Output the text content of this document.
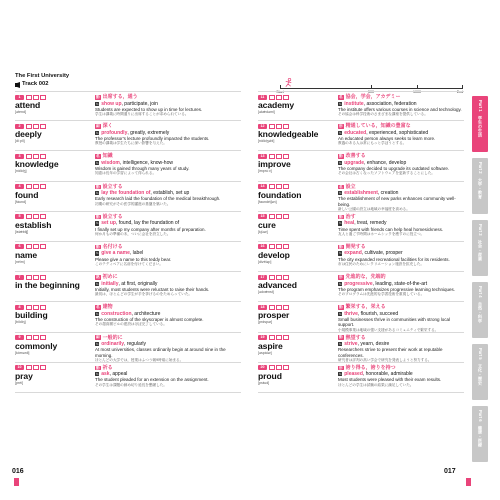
The First University
Track 002
1
attend
[ətend]
動 出席する，通う
≒ show up, participate, join
Students are expected to show up in time for lectures.
学生は講義に時間通りに出席することが求められている。
2
deeply
[díːpli]
副 深く
≒ profoundly, greatly, extremely
The professor's lecture profoundly impacted the students.
教授の講義は学生たちに深い影響を与えた。
3
knowledge
[nɑ́lidʒ]
名 知識
≒ wisdom, intelligence, know-how
Wisdom is gained through many years of study.
知恵は長年の学習によって得られる。
4
found
[fáund]
動 設立する
≒ lay the foundation of, establish, set up
Early research laid the foundation of the medical breakthrough.
初期の研究がその医学的躍進の基盤を築いた。
5
establish
[istǽbliʃ]
動 設立する
≒ set up, found, lay the foundation of
I finally set up my company after months of preparation.
何か月もの準備の末，ついに会社を設立した。
6
name
[néim]
動 名付ける
≒ give a name, label
Please give a name to this teddy bear.
このテディベアに名前を付けてください。
7
in the beginning
熟 初めに
≒ initially, at first, originally
Initially, most students were reluctant to raise their hands.
最初は，ほとんどの学生が手を挙げるのをためらっていた。
8
building
[bíldiŋ]
名 建物
≒ construction, architecture
The construction of the skyscraper is almost complete.
その超高層ビルの建設はほぼ完了している。
9
commonly
[kɑ́mənli]
副 一般的に
≒ ordinarily, regularly
At most universities, classes ordinarily begin at around nine in the morning.
ほとんどの大学では，授業はふつう朝9時頃に始まる。
10
pray
[préi]
動 祈る
≒ ask, appeal
The student pleaded for an extension on the assignment.
その学生は課題の締め切り延長を懇願した。
Start	500	1000	End
11
academy
[əkǽdəmi]
名 協会，学会，アカデミー
≒ institute, association, federation
The institute offers various courses in science and technology.
その協会は科学技術のさまざまな講座を提供している。
12
knowledgeable
[nɑ́lidʒəbl]
形 精通している，知識の豊富な
≒ educated, experienced, sophisticated
An educated person always seeks to learn more.
教養のある人は常にもっと学ぼうとする。
13
improve
[imprúːv]
動 改善する
≒ upgrade, enhance, develop
The company decided to upgrade its outdated software.
その会社は古くなったソフトウェアを更新することにした。
14
foundation
[faundéiʃən]
名 設立
≒ establishment, creation
The establishment of new parks enhances community well-being.
新しい公園の設立は地域の幸福度を高める。
15
cure
[kjúər]
動 治す
≒ heal, treat, remedy
Time spent with friends can help heal homesickness.
友人と過ごす時間はホームシックを癒すのに役立つ。
16
develop
[divéləp]
動 開発する
≒ expand, cultivate, prosper
The city expanded recreational facilities for its residents.
市は住民のためにレクリエーション施設を拡充した。
17
advanced
[ədvǽnst]
形 先進的な，先端的
≒ progressive, leading, state-of-the-art
The program emphasizes progressive learning techniques.
そのプログラムは先進的な学習技術を重視している。
18
prosper
[prɑ́spər]
動 繁栄する，栄える
≒ thrive, flourish, succeed
Small businesses thrive in communities with strong local support.
小規模事業は地域の強い支援があるコミュニティで繁栄する。
19
aspire
[əspáiər]
動 熱望する
≒ strive, yearn, desire
Researchers strive to present their work at reputable conferences.
研究者は評判の高い学会で研究を発表しようと努力する。
20
proud
[práud]
形 誇り得る，誇りを持つ
≒ pleased, honorable, admirable
Most students were pleased with their exam results.
ほとんどの学生は試験の結果に満足していた。
Part 1　学生の生活
Part 2　大学・教育
Part 3　社会・産業
Part 4　自然・科学
Part 5　文化・歴史
Part 6　健康・医療
016	017
